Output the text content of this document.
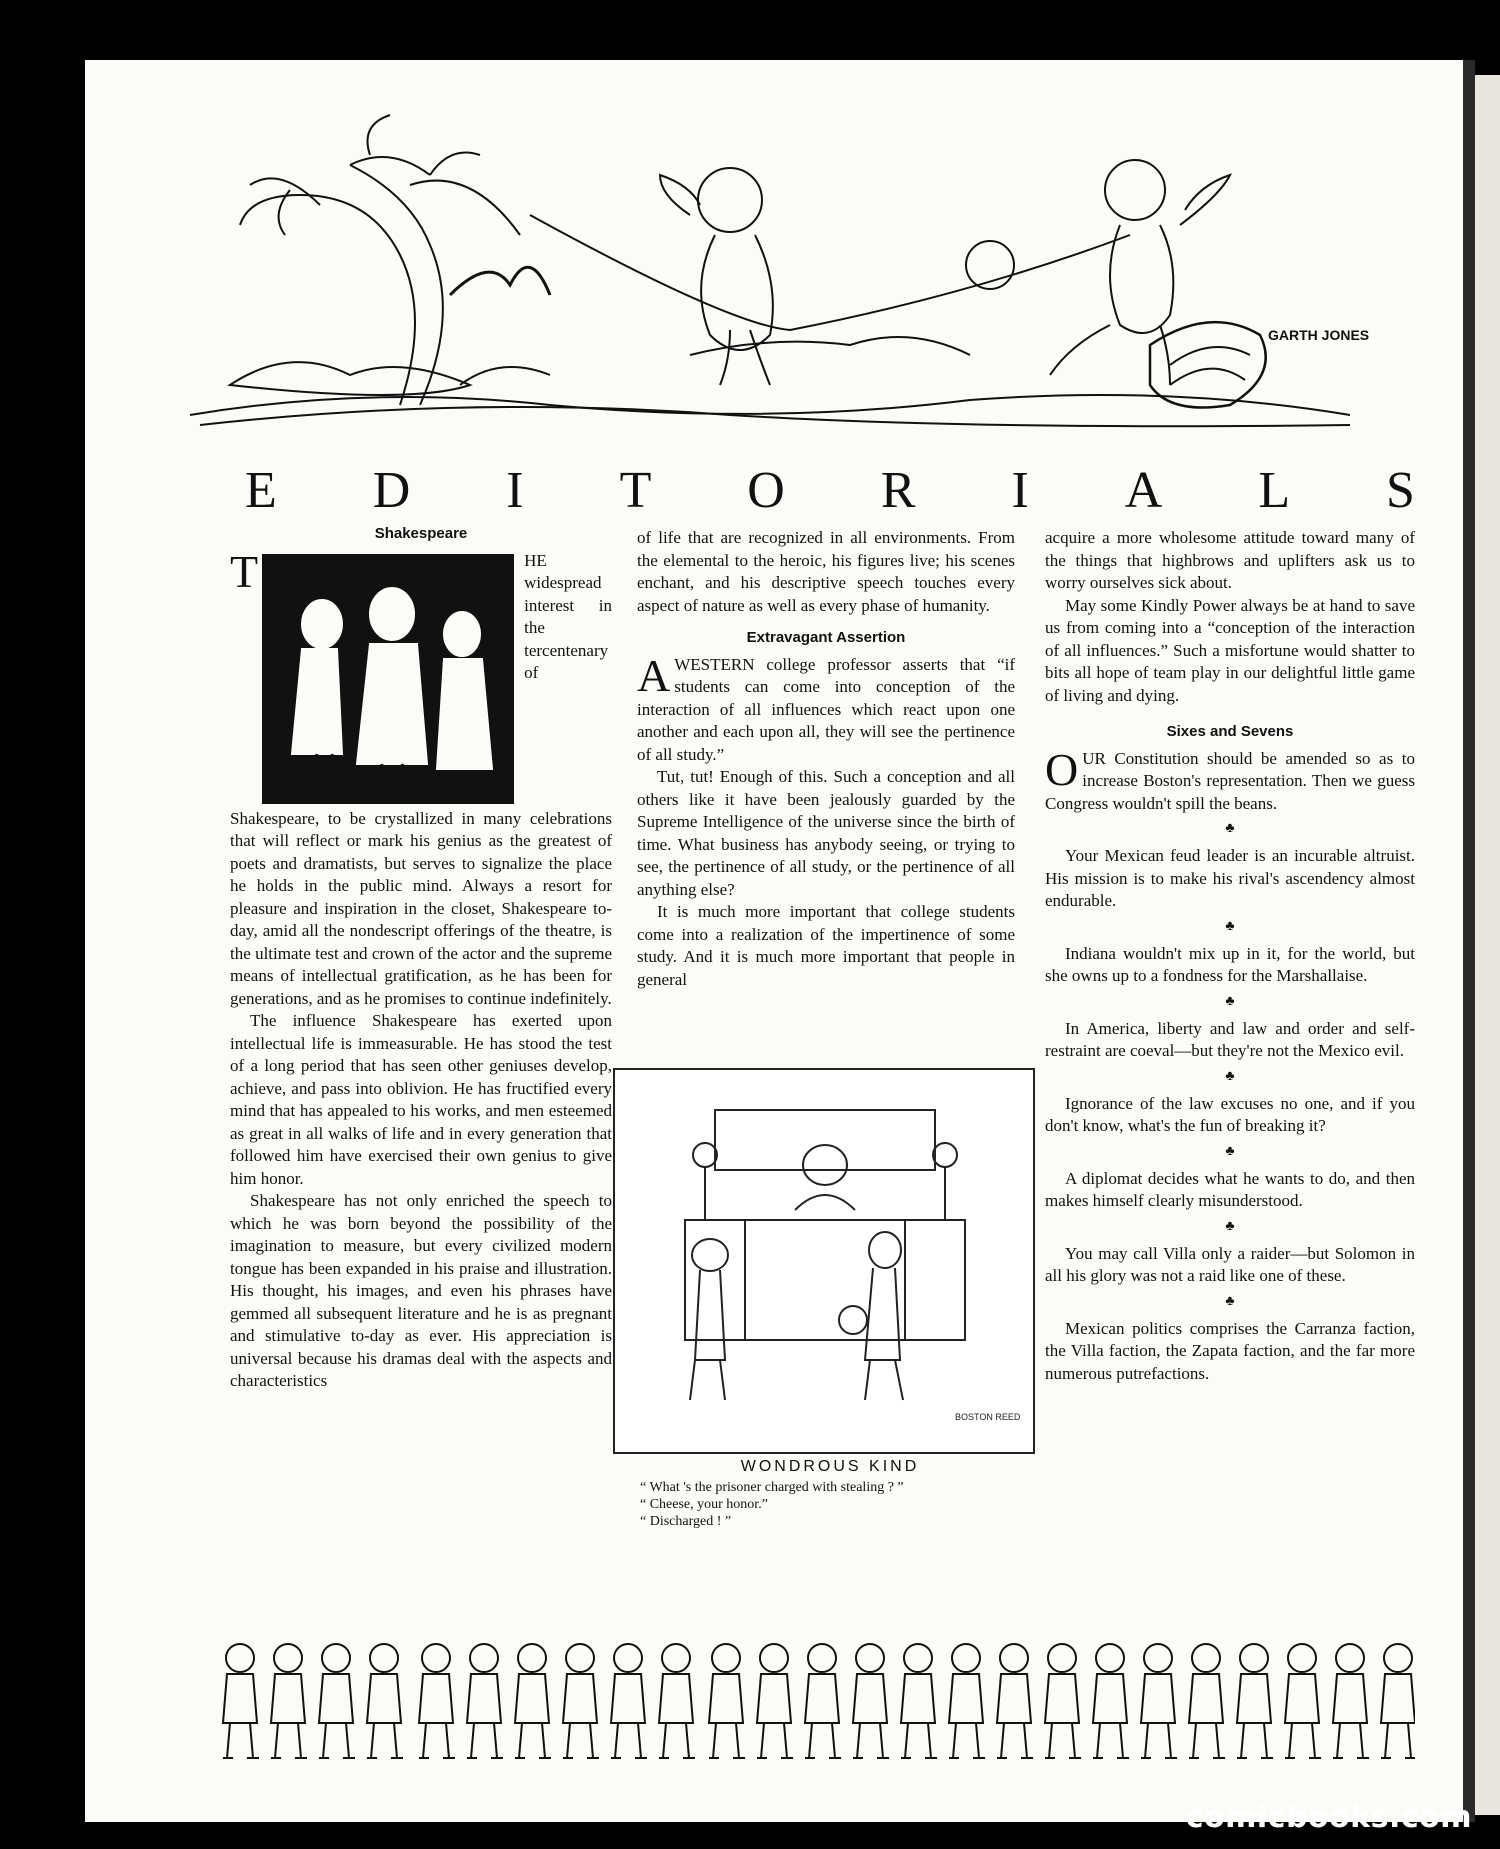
GARTH JONES
E D I T O R I A L S
Shakespeare

T	HE widespread interest in the tercentenary of Shakespeare, to be crystallized in many celebrations that will reflect or mark his genius as the greatest of poets and dramatists, but serves to signalize the place he holds in the public mind. Always a resort for pleasure and inspiration in the closet, Shakespeare to-day, amid all the nondescript offerings of the theatre, is the ultimate test and crown of the actor and the supreme means of intellectual gratification, as he has been for generations, and as he promises to continue indefinitely.

The influence Shakespeare has exerted upon intellectual life is immeasurable. He has stood the test of a long period that has seen other geniuses develop, achieve, and pass into oblivion. He has fructified every mind that has appealed to his works, and men esteemed as great in all walks of life and in every generation that followed him have exercised their own genius to give him honor.

Shakespeare has not only enriched the speech to which he was born beyond the possibility of the imagination to measure, but every civilized modern tongue has been expanded in his praise and illustration. His thought, his images, and even his phrases have gemmed all subsequent literature and he is as pregnant and stimulative to-day as ever. His appreciation is universal because his dramas deal with the aspects and characteristics

of life that are recognized in all environments. From the elemental to the heroic, his figures live; his scenes enchant, and his descriptive speech touches every aspect of nature as well as every phase of humanity.

Extravagant Assertion

A WESTERN college professor asserts that “if students can come into conception of the interaction of all influences which react upon one another and each upon all, they will see the pertinence of all study.”

Tut, tut! Enough of this. Such a conception and all others like it have been jealously guarded by the Supreme Intelligence of the universe since the birth of time. What business has anybody seeing, or trying to see, the pertinence of all study, or the pertinence of all anything else?

It is much more important that college students come into a realization of the impertinence of some study. And it is much more important that people in general

BOSTON REED
WONDROUS KIND
“ What 's the prisoner charged with stealing ? ”
“ Cheese, your honor.”
“ Discharged ! ”

acquire a more wholesome attitude toward many of the things that highbrows and uplifters ask us to worry ourselves sick about.

May some Kindly Power always be at hand to save us from coming into a “conception of the interaction of all influences.” Such a misfortune would shatter to bits all hope of team play in our delightful little game of living and dying.

Sixes and Sevens

O UR Constitution should be amended so as to increase Boston's representation. Then we guess Congress wouldn't spill the beans.

♣

Your Mexican feud leader is an incurable altruist. His mission is to make his rival's ascendency almost endurable.

♣

Indiana wouldn't mix up in it, for the world, but she owns up to a fondness for the Marshallaise.

♣

In America, liberty and law and order and self-restraint are coeval—but they're not the Mexico evil.

♣

Ignorance of the law excuses no one, and if you don't know, what's the fun of breaking it?

♣

A diplomat decides what he wants to do, and then makes himself clearly misunderstood.

♣

You may call Villa only a raider—but Solomon in all his glory was not a raid like one of these.

♣

Mexican politics comprises the Carranza faction, the Villa faction, the Zapata faction, and the far more numerous putrefactions.

comicbooks.com
